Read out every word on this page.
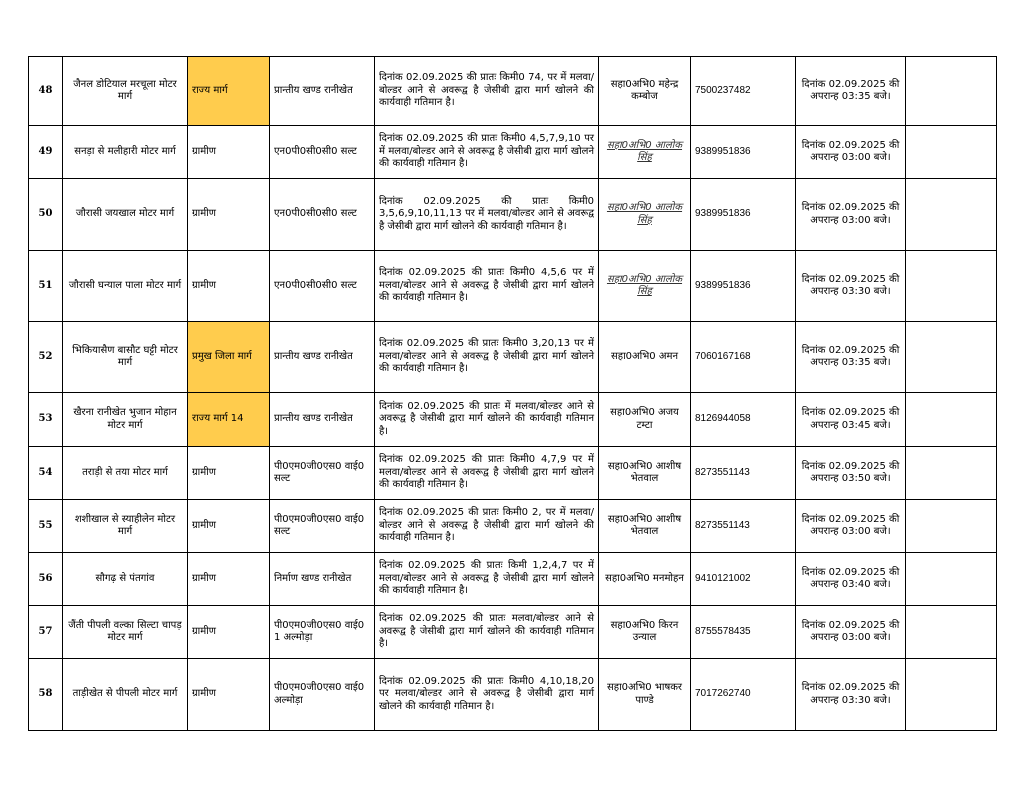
48	जैनल डोटियाल मरचूला मोटर मार्ग	राज्य मार्ग	प्रान्तीय खण्ड रानीखेत	दिनांक 02.09.2025 की प्रातः किमी0 74, पर में मलवा/बोल्डर आने से अवरूद्व है जेसीबी द्वारा मार्ग खोलने की कार्यवाही गतिमान है।	सहा0अभि0 महेन्द्र कम्बोज	7500237482	दिनांक 02.09.2025 की अपरान्ह 03:35 बजे।	
49	सनड़ा से मलीहारी मोटर मार्ग	ग्रामीण	एन0पी0सी0सी0 सल्ट	दिनांक 02.09.2025 की प्रातः किमी0 4,5,7,9,10 पर में मलवा/बोल्डर आने से अवरूद्व है जेसीबी द्वारा मार्ग खोलने की कार्यवाही गतिमान है।	सहा0अभि0 आलोक सिंह	9389951836	दिनांक 02.09.2025 की अपरान्ह 03:00 बजे।	
50	जौरासी जयखाल मोटर मार्ग	ग्रामीण	एन0पी0सी0सी0 सल्ट	दिनांक 02.09.2025 की प्रातः किमी0 3,5,6,9,10,11,13 पर में मलवा/बोल्डर आने से अवरूद्व है जेसीबी द्वारा मार्ग खोलने की कार्यवाही गतिमान है।	सहा0अभि0 आलोक सिंह	9389951836	दिनांक 02.09.2025 की अपरान्ह 03:00 बजे।	
51	जौरासी घन्याल पाला मोटर मार्ग	ग्रामीण	एन0पी0सी0सी0 सल्ट	दिनांक 02.09.2025 की प्रातः किमी0 4,5,6 पर में मलवा/बोल्डर आने से अवरूद्व है जेसीबी द्वारा मार्ग खोलने की कार्यवाही गतिमान है।	सहा0अभि0 आलोक सिंह	9389951836	दिनांक 02.09.2025 की अपरान्ह 03:30 बजे।	
52	भिकियासैण बासौट घट्टी मोटर मार्ग	प्रमुख जिला मार्ग	प्रान्तीय खण्ड रानीखेत	दिनांक 02.09.2025 की प्रातः किमी0 3,20,13 पर में मलवा/बोल्डर आने से अवरूद्व है जेसीबी द्वारा मार्ग खोलने की कार्यवाही गतिमान है।	सहा0अभि0 अमन	7060167168	दिनांक 02.09.2025 की अपरान्ह 03:35 बजे।	
53	खैरना रानीखेत भुजान मोहान मोटर मार्ग	राज्य मार्ग 14	प्रान्तीय खण्ड रानीखेत	दिनांक 02.09.2025 की प्रातः में मलवा/बोल्डर आने से अवरूद्व है जेसीबी द्वारा मार्ग खोलने की कार्यवाही गतिमान है।	सहा0अभि0 अजय टम्टा	8126944058	दिनांक 02.09.2025 की अपरान्ह 03:45 बजे।	
54	तराड़ी से तया मोटर मार्ग	ग्रामीण	पी0एम0जी0एस0 वाई0 सल्ट	दिनांक 02.09.2025 की प्रातः किमी0 4,7,9 पर में मलवा/बोल्डर आने से अवरूद्व है जेसीबी द्वारा मार्ग खोलने की कार्यवाही गतिमान है।	सहा0अभि0 आशीष भेतवाल	8273551143	दिनांक 02.09.2025 की अपरान्ह 03:50 बजे।	
55	शशीखाल से स्याहीलेन मोटर मार्ग	ग्रामीण	पी0एम0जी0एस0 वाई0 सल्ट	दिनांक 02.09.2025 की प्रातः किमी0 2, पर में मलवा/बोल्डर आने से अवरूद्व है जेसीबी द्वारा मार्ग खोलने की कार्यवाही गतिमान है।	सहा0अभि0 आशीष भेतवाल	8273551143	दिनांक 02.09.2025 की अपरान्ह 03:00 बजे।	
56	सौगढ़ से पंतगांव	ग्रामीण	निर्माण खण्ड रानीखेत	दिनांक 02.09.2025 की प्रातः किमी 1,2,4,7 पर में मलवा/बोल्डर आने से अवरूद्व है जेसीबी द्वारा मार्ग खोलने की कार्यवाही गतिमान है।	सहा0अभि0 मनमोहन	9410121002	दिनांक 02.09.2025 की अपरान्ह 03:40 बजे।	
57	जैंती पीपली वल्का सिल्टा चापड़ मोटर मार्ग	ग्रामीण	पी0एम0जी0एस0 वाई0 1 अल्मोड़ा	दिनांक 02.09.2025 की प्रातः मलवा/बोल्डर आने से अवरूद्व है जेसीबी द्वारा मार्ग खोलने की कार्यवाही गतिमान है।	सहा0अभि0 किरन उन्याल	8755578435	दिनांक 02.09.2025 की अपरान्ह 03:00 बजे।	
58	ताड़ीखेत से पीपली मोटर मार्ग	ग्रामीण	पी0एम0जी0एस0 वाई0 अल्मोड़ा	दिनांक 02.09.2025 की प्रातः किमी0 4,10,18,20 पर मलवा/बोल्डर आने से अवरूद्व है जेसीबी द्वारा मार्ग खोलने की कार्यवाही गतिमान है।	सहा0अभि0 भाषकर पाण्डे	7017262740	दिनांक 02.09.2025 की अपरान्ह 03:30 बजे।	
